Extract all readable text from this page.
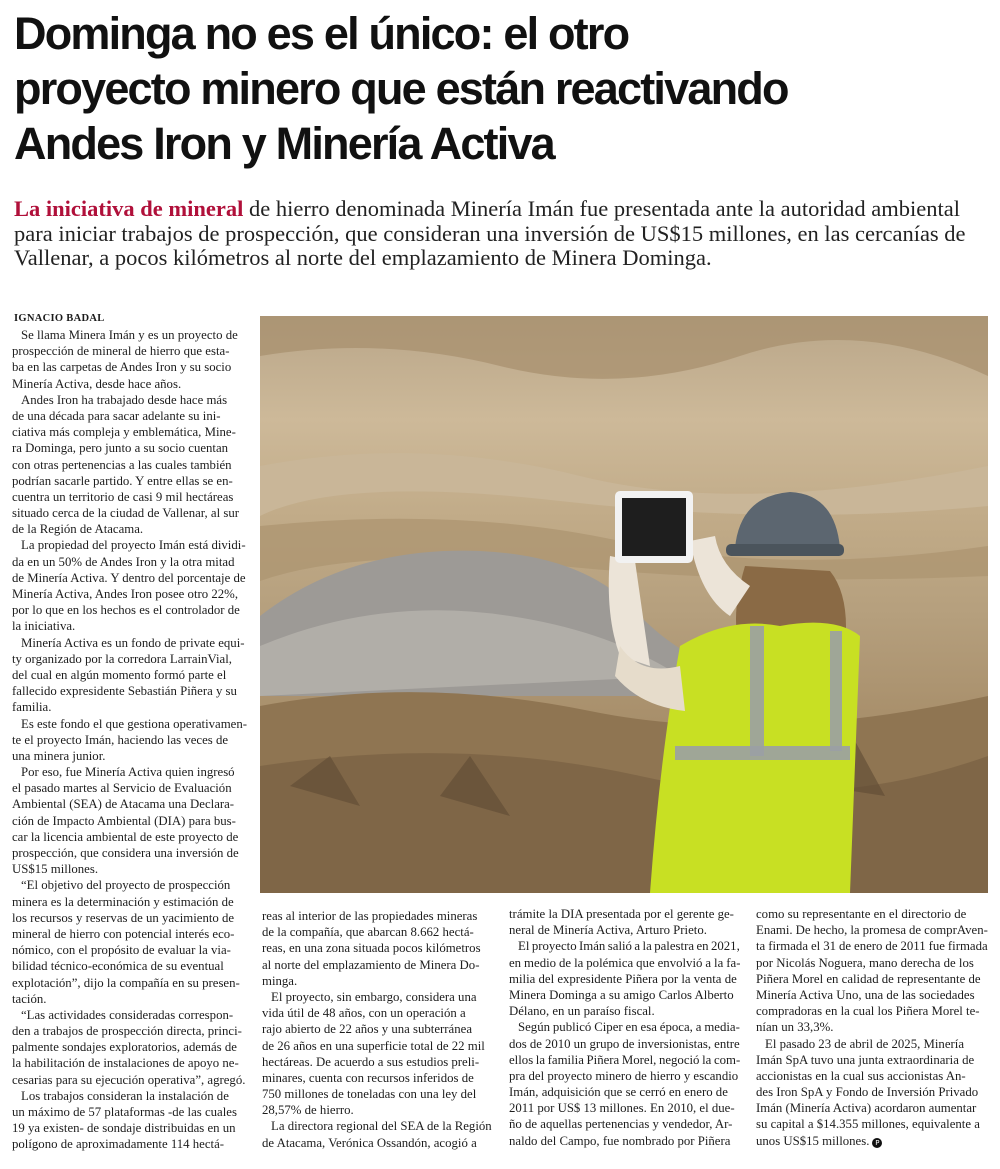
Dominga no es el único: el otro
proyecto minero que están reactivando
Andes Iron y Minería Activa
La iniciativa de mineral de hierro denominada Minería Imán fue presentada ante la autoridad ambiental
para iniciar trabajos de prospección, que consideran una inversión de US$15 millones, en las cercanías de
Vallenar, a pocos kilómetros al norte del emplazamiento de Minera Dominga.
IGNACIO BADAL
Se llama Minera Imán y es un proyecto de
prospección de mineral de hierro que esta-
ba en las carpetas de Andes Iron y su socio
Minería Activa, desde hace años.
Andes Iron ha trabajado desde hace más
de una década para sacar adelante su ini-
ciativa más compleja y emblemática, Mine-
ra Dominga, pero junto a su socio cuentan
con otras pertenencias a las cuales también
podrían sacarle partido. Y entre ellas se en-
cuentra un territorio de casi 9 mil hectáreas
situado cerca de la ciudad de Vallenar, al sur
de la Región de Atacama.
La propiedad del proyecto Imán está dividi-
da en un 50% de Andes Iron y la otra mitad
de Minería Activa. Y dentro del porcentaje de
Minería Activa, Andes Iron posee otro 22%,
por lo que en los hechos es el controlador de
la iniciativa.
Minería Activa es un fondo de private equi-
ty organizado por la corredora LarrainVial,
del cual en algún momento formó parte el
fallecido expresidente Sebastián Piñera y su
familia.
Es este fondo el que gestiona operativamen-
te el proyecto Imán, haciendo las veces de
una minera junior.
Por eso, fue Minería Activa quien ingresó
el pasado martes al Servicio de Evaluación
Ambiental (SEA) de Atacama una Declara-
ción de Impacto Ambiental (DIA) para bus-
car la licencia ambiental de este proyecto de
prospección, que considera una inversión de
US$15 millones.
“El objetivo del proyecto de prospección
minera es la determinación y estimación de
los recursos y reservas de un yacimiento de
mineral de hierro con potencial interés eco-
nómico, con el propósito de evaluar la via-
bilidad técnico-económica de su eventual
explotación”, dijo la compañía en su presen-
tación.
“Las actividades consideradas correspon-
den a trabajos de prospección directa, princi-
palmente sondajes exploratorios, además de
la habilitación de instalaciones de apoyo ne-
cesarias para su ejecución operativa”, agregó.
Los trabajos consideran la instalación de
un máximo de 57 plataformas -de las cuales
19 ya existen- de sondaje distribuidas en un
polígono de aproximadamente 114 hectá-
reas al interior de las propiedades mineras
de la compañía, que abarcan 8.662 hectá-
reas, en una zona situada pocos kilómetros
al norte del emplazamiento de Minera Do-
minga.
El proyecto, sin embargo, considera una
vida útil de 48 años, con un operación a
rajo abierto de 22 años y una subterránea
de 26 años en una superficie total de 22 mil
hectáreas. De acuerdo a sus estudios preli-
minares, cuenta con recursos inferidos de
750 millones de toneladas con una ley del
28,57% de hierro.
La directora regional del SEA de la Región
de Atacama, Verónica Ossandón, acogió a
trámite la DIA presentada por el gerente ge-
neral de Minería Activa, Arturo Prieto.
El proyecto Imán salió a la palestra en 2021,
en medio de la polémica que envolvió a la fa-
milia del expresidente Piñera por la venta de
Minera Dominga a su amigo Carlos Alberto
Délano, en un paraíso fiscal.
Según publicó Ciper en esa época, a media-
dos de 2010 un grupo de inversionistas, entre
ellos la familia Piñera Morel, negoció la com-
pra del proyecto minero de hierro y escandio
Imán, adquisición que se cerró en enero de
2011 por US$ 13 millones. En 2010, el due-
ño de aquellas pertenencias y vendedor, Ar-
naldo del Campo, fue nombrado por Piñera
como su representante en el directorio de
Enami. De hecho, la promesa de comprAven-
ta firmada el 31 de enero de 2011 fue firmada
por Nicolás Noguera, mano derecha de los
Piñera Morel en calidad de representante de
Minería Activa Uno, una de las sociedades
compradoras en la cual los Piñera Morel te-
nían un 33,3%.
El pasado 23 de abril de 2025, Minería
Imán SpA tuvo una junta extraordinaria de
accionistas en la cual sus accionistas An-
des Iron SpA y Fondo de Inversión Privado
Imán (Minería Activa) acordaron aumentar
su capital a $14.355 millones, equivalente a
unos US$15 millones. P
